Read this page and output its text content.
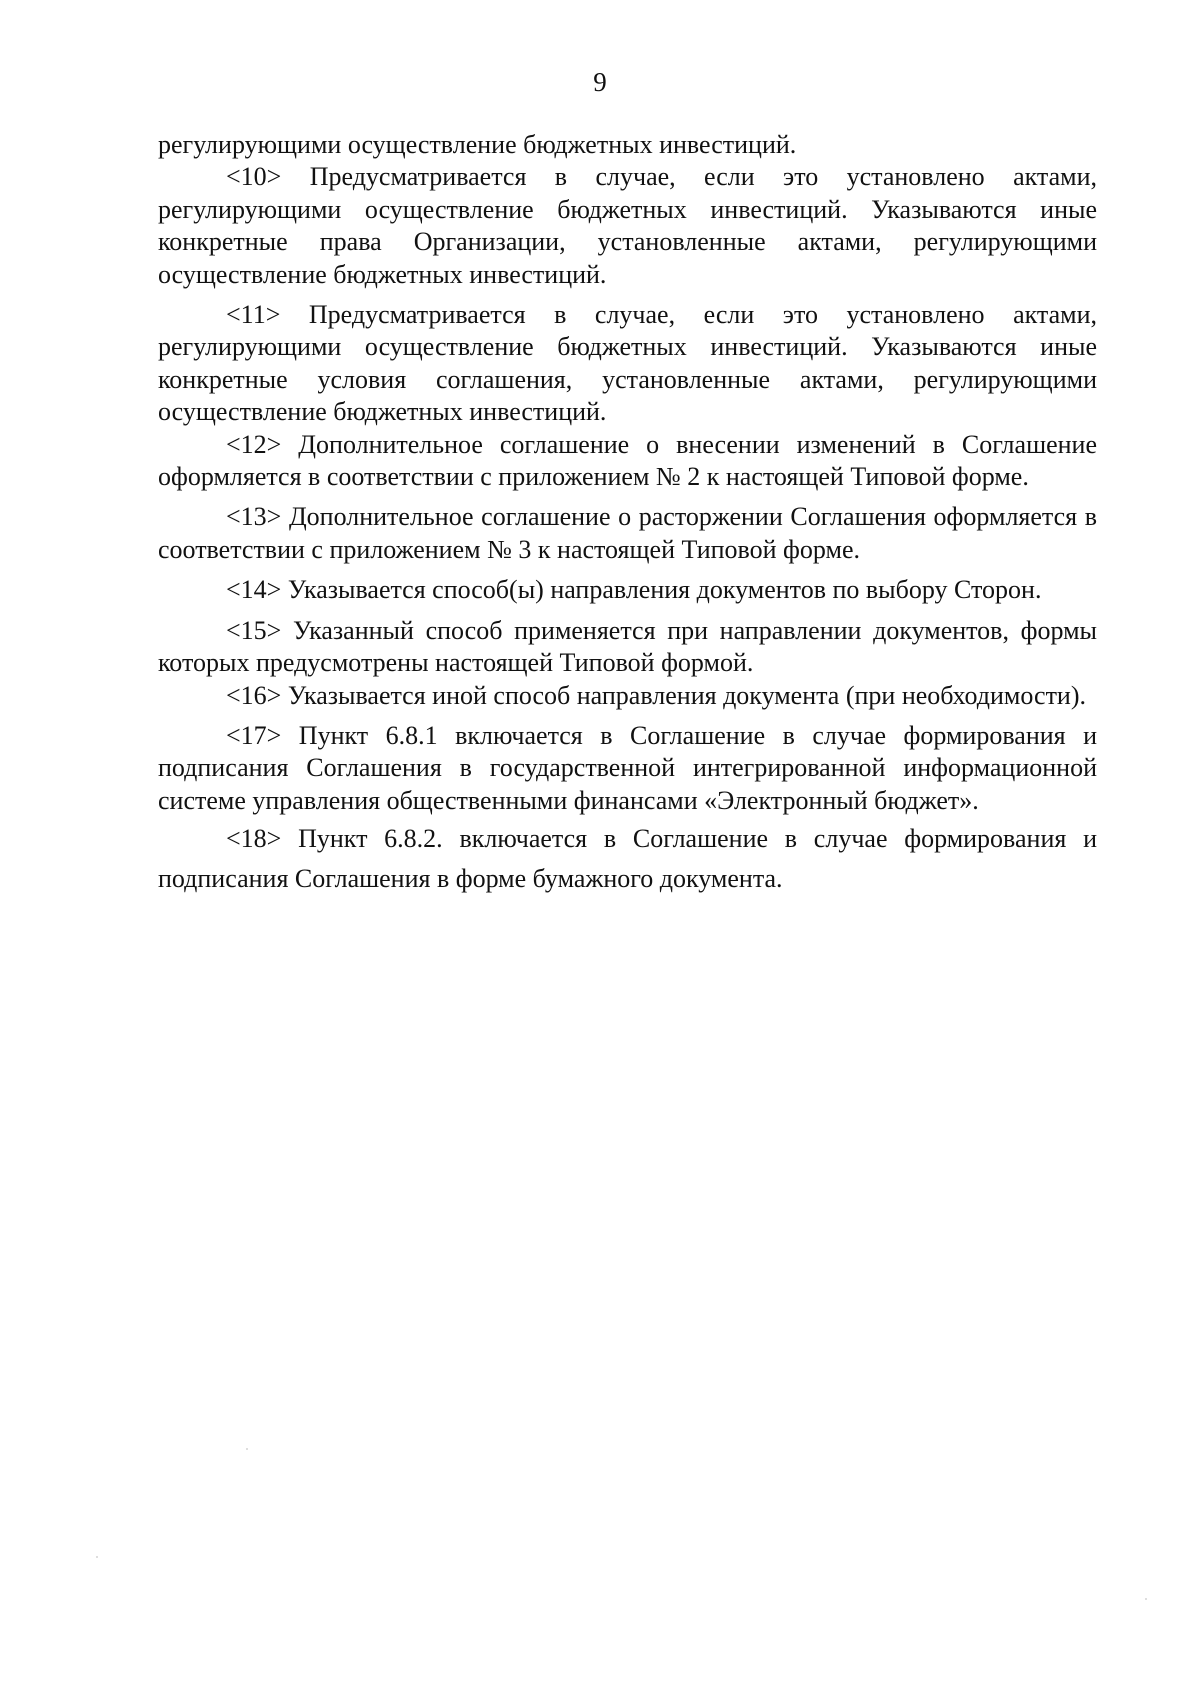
9

регулирующими осуществление бюджетных инвестиций.

<10> Предусматривается в случае, если это установлено актами, регулирующими осуществление бюджетных инвестиций. Указываются иные конкретные права Организации, установленные актами, регулирующими осуществление бюджетных инвестиций.

<11> Предусматривается в случае, если это установлено актами, регулирующими осуществление бюджетных инвестиций. Указываются иные конкретные условия соглашения, установленные актами, регулирующими осуществление бюджетных инвестиций.

<12> Дополнительное соглашение о внесении изменений в Соглашение оформляется в соответствии с приложением № 2 к настоящей Типовой форме.

<13> Дополнительное соглашение о расторжении Соглашения оформляется в соответствии с приложением № 3 к настоящей Типовой форме.

<14> Указывается способ(ы) направления документов по выбору Сторон.

<15> Указанный способ применяется при направлении документов, формы которых предусмотрены настоящей Типовой формой.

<16> Указывается иной способ направления документа (при необходимости).

<17> Пункт 6.8.1 включается в Соглашение в случае формирования и подписания Соглашения в государственной интегрированной информационной системе управления общественными финансами «Электронный бюджет».

<18> Пункт 6.8.2. включается в Соглашение в случае формирования и подписания Соглашения в форме бумажного документа.
